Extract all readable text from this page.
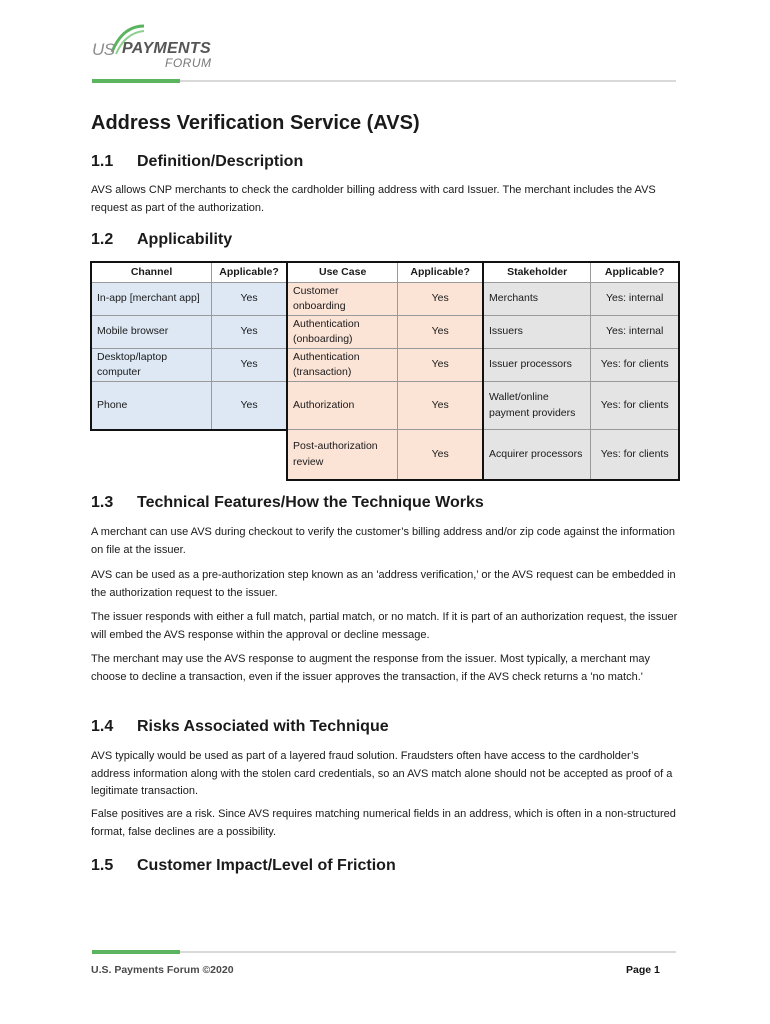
US PAYMENTS
FORUM
Address Verification Service (AVS)
1.1 Definition/Description

AVS allows CNP merchants to check the cardholder billing address with card Issuer. The merchant includes the AVS request as part of the authorization.

1.2 Applicability
Channel	Applicable?
In-app [merchant app]	Yes
Mobile browser	Yes
Desktop/laptop computer	Yes
Phone	Yes
Use Case	Applicable?
Customer onboarding	Yes
Authentication (onboarding)	Yes
Authentication (transaction)	Yes
Authorization	Yes
Post-authorization review	Yes
Stakeholder	Applicable?
Merchants	Yes: internal
Issuers	Yes: internal
Issuer processors	Yes: for clients
Wallet/online payment providers	Yes: for clients
Acquirer processors	Yes: for clients
1.3 Technical Features/How the Technique Works

A merchant can use AVS during checkout to verify the customer’s billing address and/or zip code against the information on file at the issuer.

AVS can be used as a pre-authorization step known as an 'address verification,’ or the AVS request can be embedded in the authorization request to the issuer.

The issuer responds with either a full match, partial match, or no match. If it is part of an authorization request, the issuer will embed the AVS response within the approval or decline message.

The merchant may use the AVS response to augment the response from the issuer. Most typically, a merchant may choose to decline a transaction, even if the issuer approves the transaction, if the AVS check returns a 'no match.'

1.4 Risks Associated with Technique

AVS typically would be used as part of a layered fraud solution. Fraudsters often have access to the cardholder’s address information along with the stolen card credentials, so an AVS match alone should not be accepted as proof of a legitimate transaction.

False positives are a risk. Since AVS requires matching numerical fields in an address, which is often in a non-structured format, false declines are a possibility.

1.5 Customer Impact/Level of Friction
U.S. Payments Forum ©2020	Page 1
